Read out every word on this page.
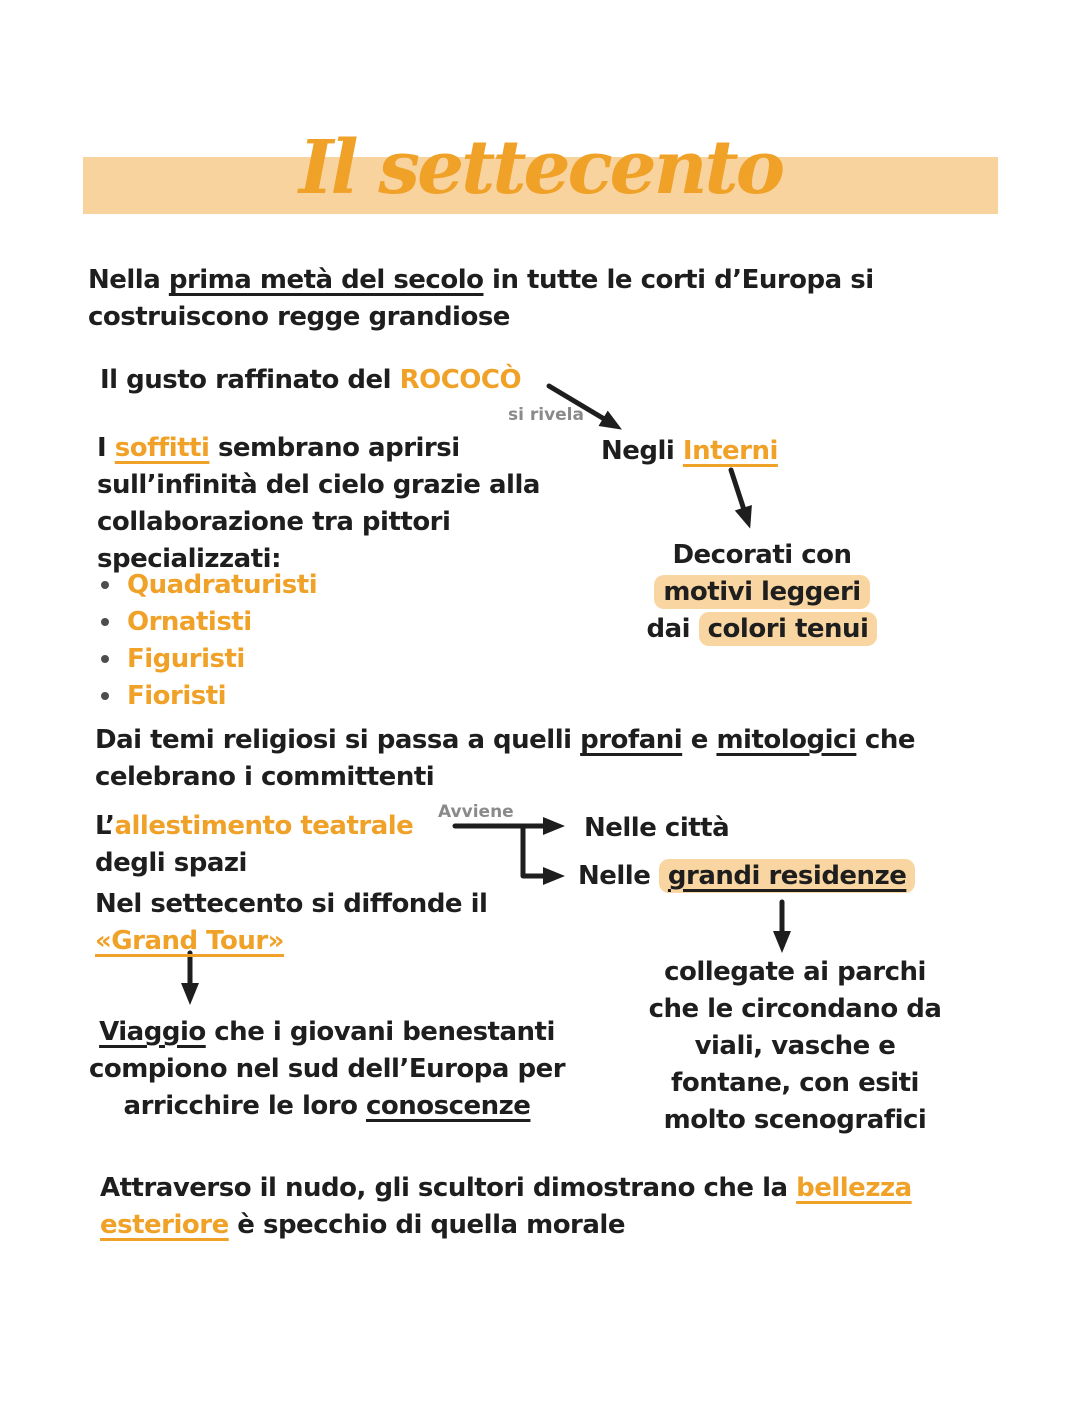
Il settecento

Nella prima metà del secolo in tutte le corti d’Europa si
costruiscono regge grandiose

Il gusto raffinato del ROCOCÒ

si rivela

I soffitti sembrano aprirsi
sull’infinità del cielo grazie alla
collaborazione tra pittori
specializzati:

Quadraturisti
Ornatisti
Figuristi
Fioristi

Negli Interni

Decorati con
motivi leggeri
dai colori tenui

Dai temi religiosi si passa a quelli profani e mitologici che
celebrano i committenti

L’allestimento teatrale
degli spazi

Avviene

Nelle città

Nelle grandi residenze

Nel settecento si diffonde il
«Grand Tour»

Viaggio che i giovani benestanti
compiono nel sud dell’Europa per
arricchire le loro conoscenze
collegate ai parchi
che le circondano da
viali, vasche e
fontane, con esiti
molto scenografici

Attraverso il nudo, gli scultori dimostrano che la bellezza
esteriore è specchio di quella morale
